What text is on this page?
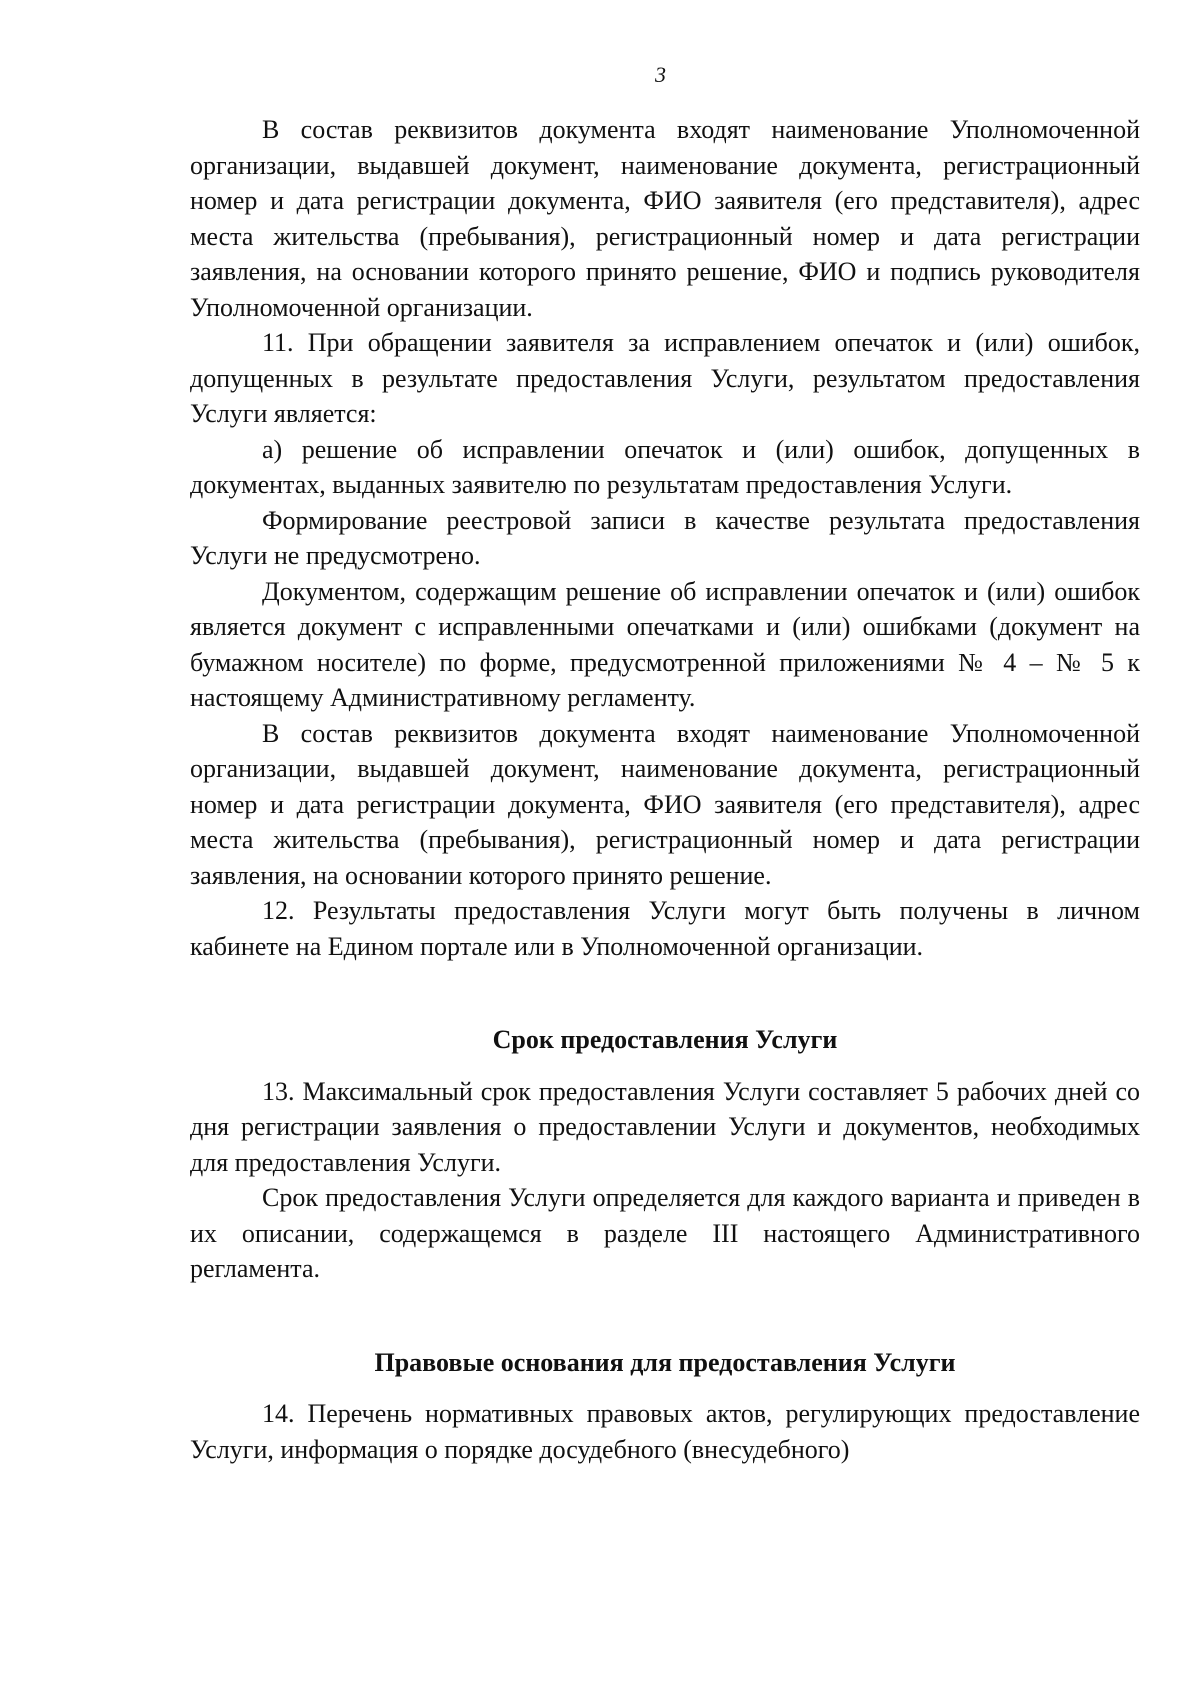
3

В состав реквизитов документа входят наименование Уполномоченной организации, выдавшей документ, наименование документа, регистрационный номер и дата регистрации документа, ФИО заявителя (его представителя), адрес места жительства (пребывания), регистрационный номер и дата регистрации заявления, на основании которого принято решение, ФИО и подпись руководителя Уполномоченной организации.

11. При обращении заявителя за исправлением опечаток и (или) ошибок, допущенных в результате предоставления Услуги, результатом предоставления Услуги является:

а) решение об исправлении опечаток и (или) ошибок, допущенных в документах, выданных заявителю по результатам предоставления Услуги.

Формирование реестровой записи в качестве результата предоставления Услуги не предусмотрено.

Документом, содержащим решение об исправлении опечаток и (или) ошибок является документ с исправленными опечатками и (или) ошибками (документ на бумажном носителе) по форме, предусмотренной приложениями № 4 – № 5 к настоящему Административному регламенту.

В состав реквизитов документа входят наименование Уполномоченной организации, выдавшей документ, наименование документа, регистрационный номер и дата регистрации документа, ФИО заявителя (его представителя), адрес места жительства (пребывания), регистрационный номер и дата регистрации заявления, на основании которого принято решение.

12. Результаты предоставления Услуги могут быть получены в личном кабинете на Едином портале или в Уполномоченной организации.

Срок предоставления Услуги

13. Максимальный срок предоставления Услуги составляет 5 рабочих дней со дня регистрации заявления о предоставлении Услуги и документов, необходимых для предоставления Услуги.

Срок предоставления Услуги определяется для каждого варианта и приведен в их описании, содержащемся в разделе III настоящего Административного регламента.

Правовые основания для предоставления Услуги

14. Перечень нормативных правовых актов, регулирующих предоставление Услуги, информация о порядке досудебного (внесудебного)
